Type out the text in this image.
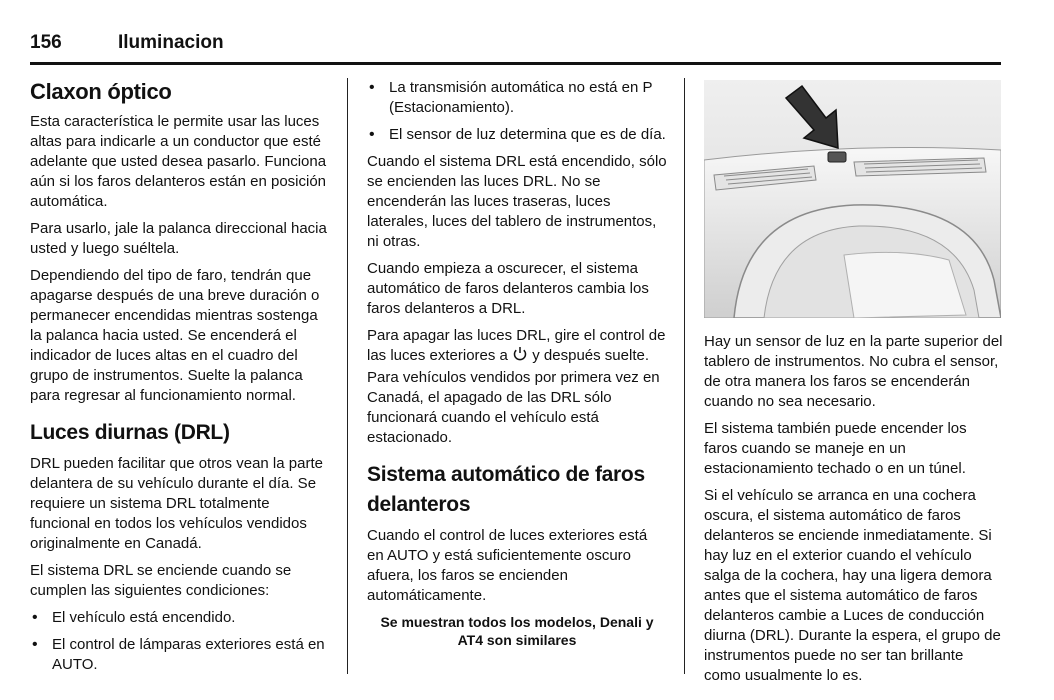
156	Iluminacion
Claxon óptico

Esta característica le permite usar las luces altas para indicarle a un conductor que esté adelante que usted desea pasarlo. Funciona aún si los faros delanteros están en posición automática.

Para usarlo, jale la palanca direccional hacia usted y luego suéltela.

Dependiendo del tipo de faro, tendrán que apagarse después de una breve duración o permanecer encendidas mientras sostenga la palanca hacia usted. Se encenderá el indicador de luces altas en el cuadro del grupo de instrumentos. Suelte la palanca para regresar al funcionamiento normal.

Luces diurnas (DRL)

DRL pueden facilitar que otros vean la parte delantera de su vehículo durante el día. Se requiere un sistema DRL totalmente funcional en todos los vehículos vendidos originalmente en Canadá.

El sistema DRL se enciende cuando se cumplen las siguientes condiciones:

• El vehículo está encendido.
• El control de lámparas exteriores está en AUTO.
• La transmisión automática no está en P (Estacionamiento).
• El sensor de luz determina que es de día.

Cuando el sistema DRL está encendido, sólo se encienden las luces DRL. No se encenderán las luces traseras, luces laterales, luces del tablero de instrumentos, ni otras.

Cuando empieza a oscurecer, el sistema automático de faros delanteros cambia los faros delanteros a DRL.

Para apagar las luces DRL, gire el control de las luces exteriores a y después suelte. Para vehículos vendidos por primera vez en Canadá, el apagado de las DRL sólo funcionará cuando el vehículo está estacionado.

Sistema automático de faros delanteros

Cuando el control de luces exteriores está en AUTO y está suficientemente oscuro afuera, los faros se encienden automáticamente.

Se muestran todos los modelos, Denali y AT4 son similares

Hay un sensor de luz en la parte superior del tablero de instrumentos. No cubra el sensor, de otra manera los faros se encenderán cuando no sea necesario.

El sistema también puede encender los faros cuando se maneje en un estacionamiento techado o en un túnel.

Si el vehículo se arranca en una cochera oscura, el sistema automático de faros delanteros se enciende inmediatamente. Si hay luz en el exterior cuando el vehículo salga de la cochera, hay una ligera demora antes que el sistema automático de faros delanteros cambie a Luces de conducción diurna (DRL). Durante la espera, el grupo de instrumentos puede no ser tan brillante como usualmente lo es.
